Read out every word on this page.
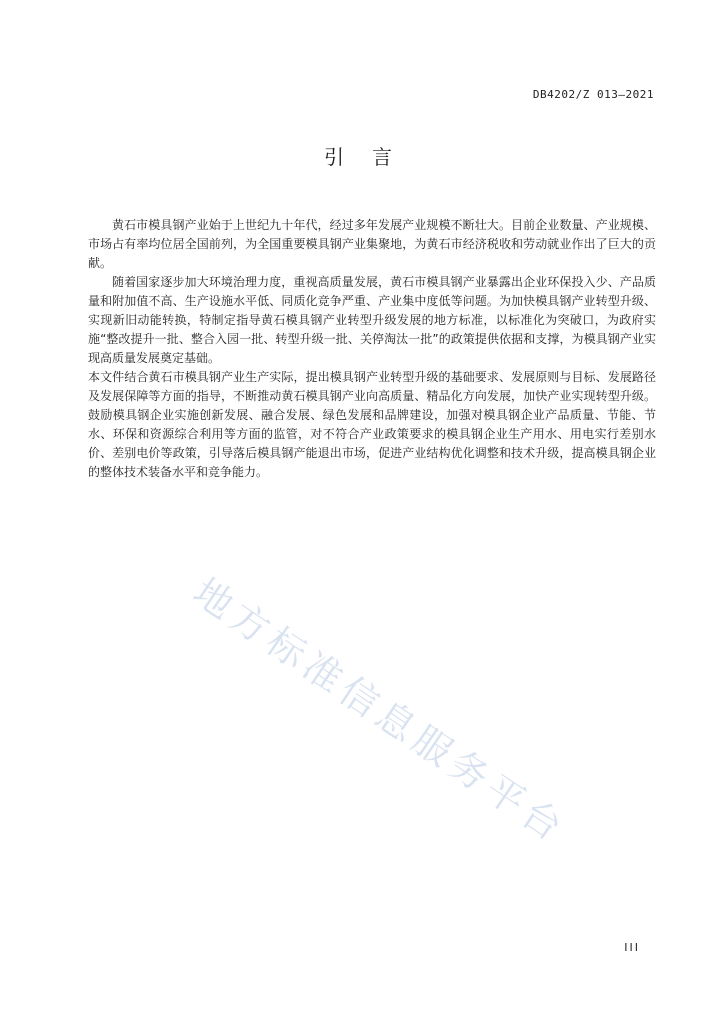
DB4202/Z 013—2021
引言

黄石市模具钢产业始于上世纪九十年代，经过多年发展产业规模不断壮大。目前企业数量、产业规模、市场占有率均位居全国前列，为全国重要模具钢产业集聚地，为黄石市经济税收和劳动就业作出了巨大的贡献。

随着国家逐步加大环境治理力度，重视高质量发展，黄石市模具钢产业暴露出企业环保投入少、产品质量和附加值不高、生产设施水平低、同质化竞争严重、产业集中度低等问题。为加快模具钢产业转型升级、实现新旧动能转换，特制定指导黄石模具钢产业转型升级发展的地方标准，以标准化为突破口，为政府实施“整改提升一批、整合入园一批、转型升级一批、关停淘汰一批”的政策提供依据和支撑，为模具钢产业实现高质量发展奠定基础。

本文件结合黄石市模具钢产业生产实际，提出模具钢产业转型升级的基础要求、发展原则与目标、发展路径及发展保障等方面的指导，不断推动黄石模具钢产业向高质量、精品化方向发展，加快产业实现转型升级。鼓励模具钢企业实施创新发展、融合发展、绿色发展和品牌建设，加强对模具钢企业产品质量、节能、节水、环保和资源综合利用等方面的监管，对不符合产业政策要求的模具钢企业生产用水、用电实行差别水价、差别电价等政策，引导落后模具钢产能退出市场，促进产业结构优化调整和技术升级，提高模具钢企业的整体技术装备水平和竞争能力。

地方标准信息服务平台
III
